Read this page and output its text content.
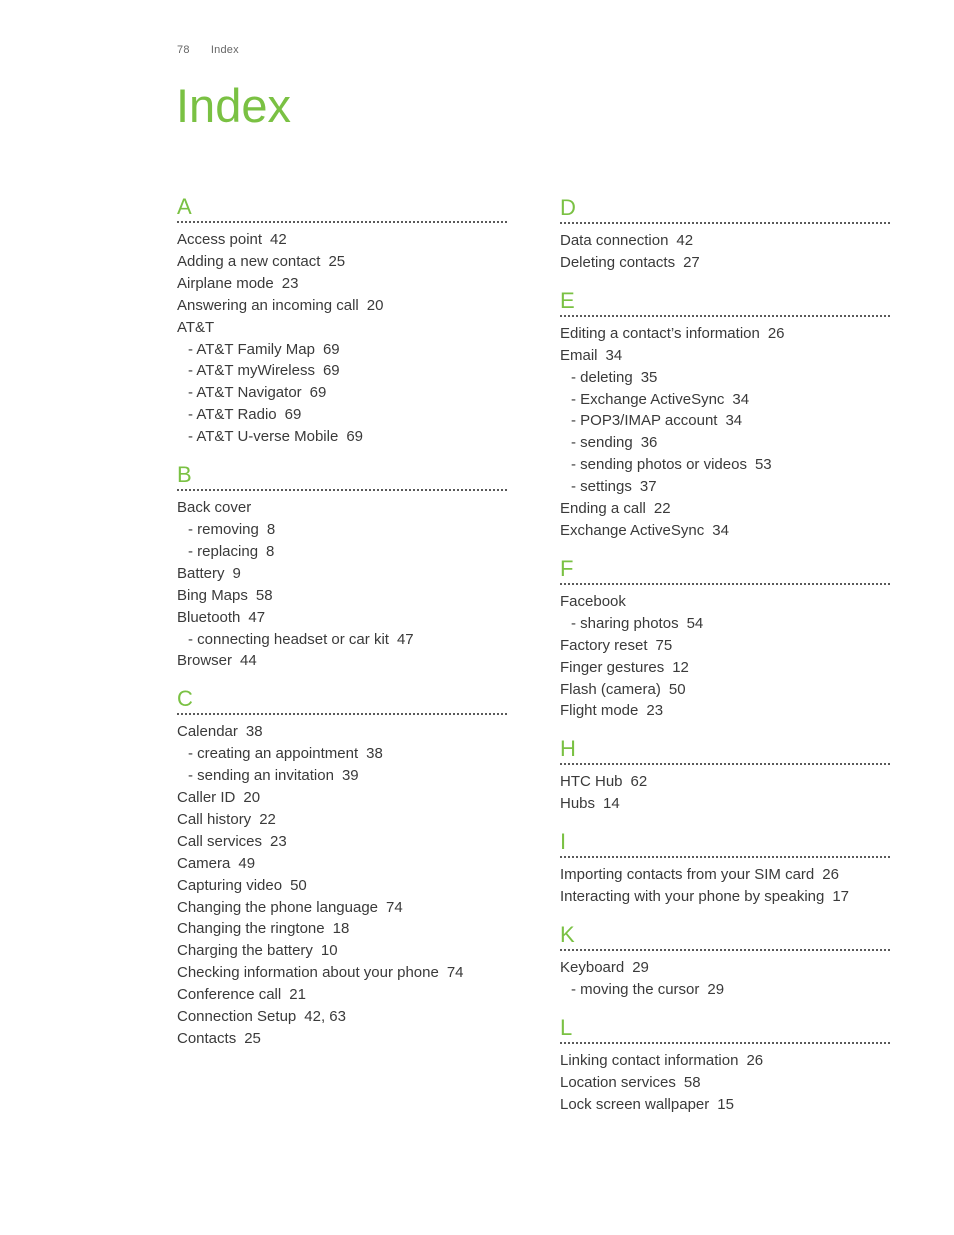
78 Index
Index
A
Access point 42
Adding a new contact 25
Airplane mode 23
Answering an incoming call 20
AT&T
- AT&T Family Map 69
- AT&T myWireless 69
- AT&T Navigator 69
- AT&T Radio 69
- AT&T U-verse Mobile 69
B
Back cover
- removing 8
- replacing 8
Battery 9
Bing Maps 58
Bluetooth 47
- connecting headset or car kit 47
Browser 44
C
Calendar 38
- creating an appointment 38
- sending an invitation 39
Caller ID 20
Call history 22
Call services 23
Camera 49
Capturing video 50
Changing the phone language 74
Changing the ringtone 18
Charging the battery 10
Checking information about your phone 74
Conference call 21
Connection Setup 42, 63
Contacts 25
D
Data connection 42
Deleting contacts 27
E
Editing a contact’s information 26
Email 34
- deleting 35
- Exchange ActiveSync 34
- POP3/IMAP account 34
- sending 36
- sending photos or videos 53
- settings 37
Ending a call 22
Exchange ActiveSync 34
F
Facebook
- sharing photos 54
Factory reset 75
Finger gestures 12
Flash (camera) 50
Flight mode 23
H
HTC Hub 62
Hubs 14
I
Importing contacts from your SIM card 26
Interacting with your phone by speaking 17
K
Keyboard 29
- moving the cursor 29
L
Linking contact information 26
Location services 58
Lock screen wallpaper 15
